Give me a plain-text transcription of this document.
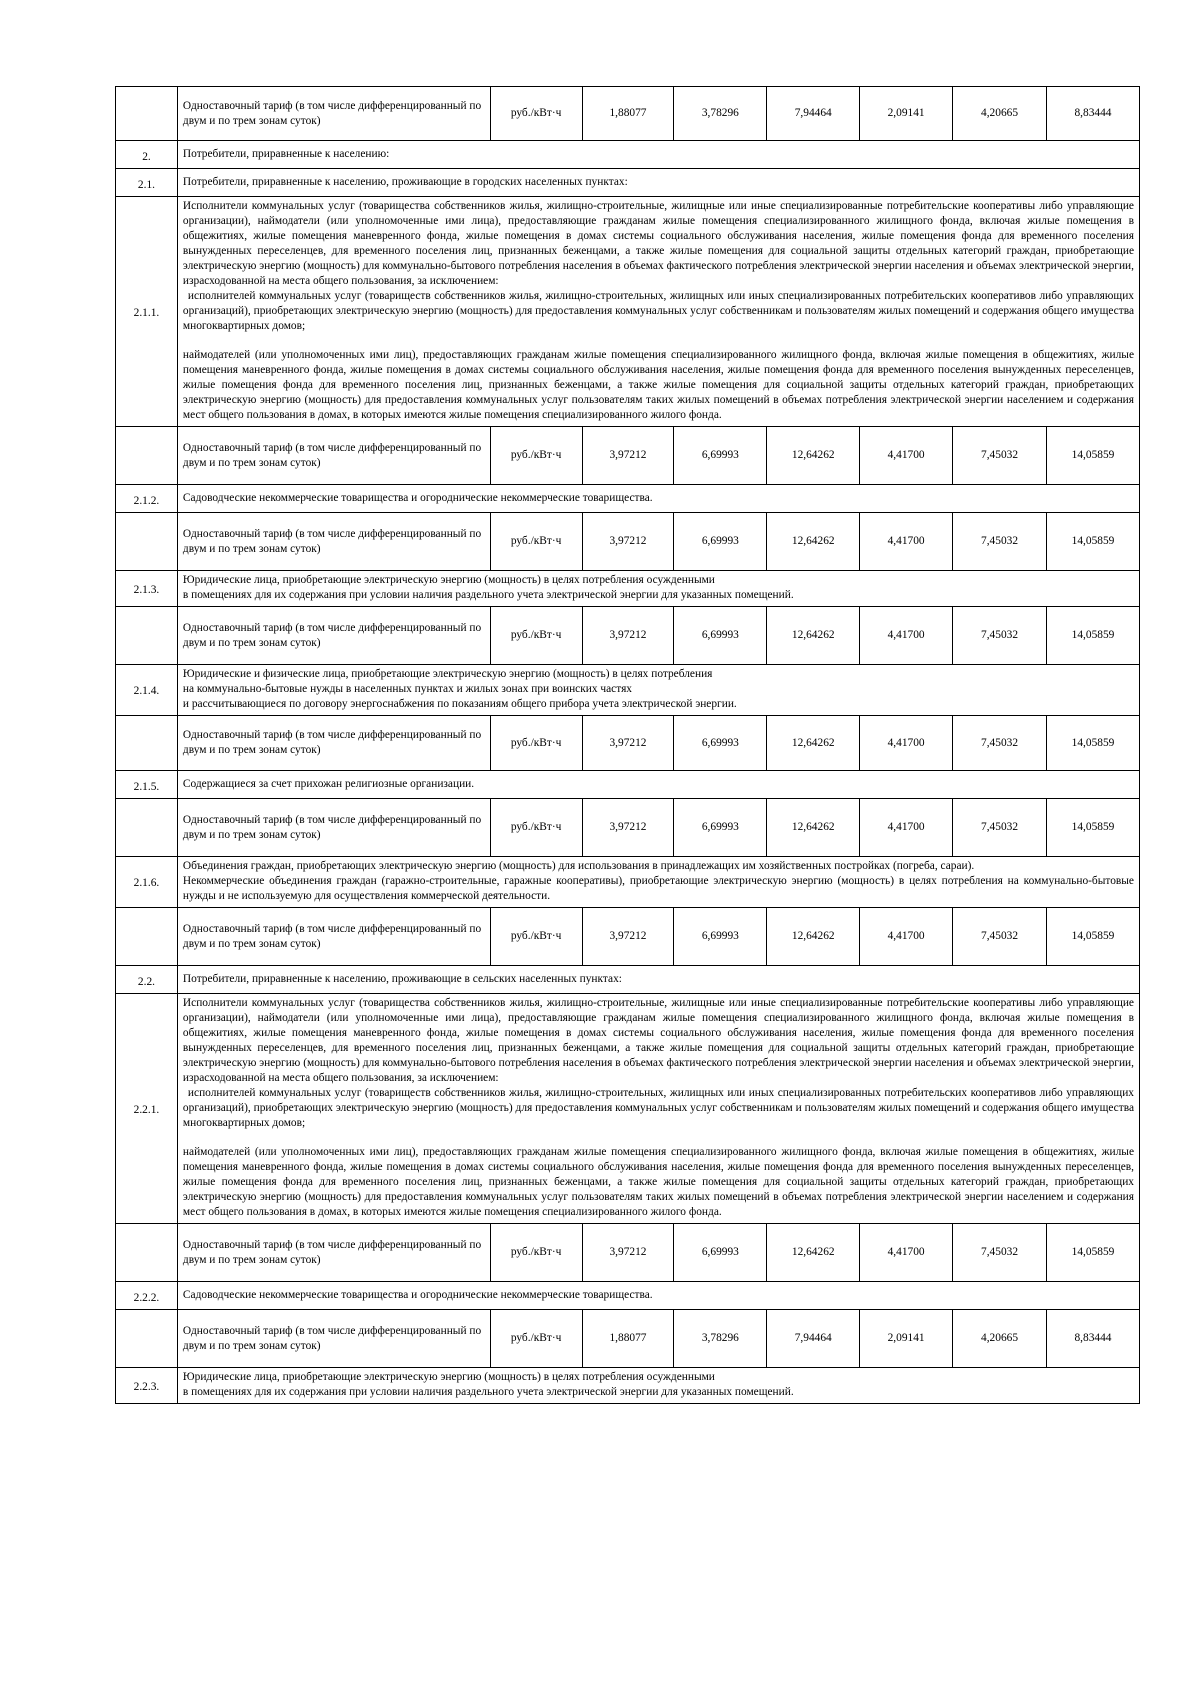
	Одноставочный тариф (в том числе дифференцированный по двум и по трем зонам суток)	руб./кВт·ч	1,88077	3,78296	7,94464	2,09141	4,20665	8,83444

2.	Потребители, приравненные к населению:							

2.1.	Потребители, приравненные к населению, проживающие в городских населенных пунктах:							

2.1.1.	Исполнители коммунальных услуг (товарищества собственников жилья, жилищно-строительные, жилищные или иные специализированные потребительские кооперативы либо управляющие организации), наймодатели (или уполномоченные ими лица), предоставляющие гражданам жилые помещения специализированного жилищного фонда, включая жилые помещения в общежитиях, жилые помещения маневренного фонда, жилые помещения в домах системы социального обслуживания населения, жилые помещения фонда для временного поселения вынужденных переселенцев, для временного поселения лиц, признанных беженцами, а также жилые помещения для социальной защиты отдельных категорий граждан, приобретающие электрическую энергию (мощность) для коммунально-бытового потребления населения в объемах фактического потребления электрической энергии населения и объемах электрической энергии, израсходованной на места общего пользования, за исключением:
исполнителей коммунальных услуг (товариществ собственников жилья, жилищно-строительных, жилищных или иных специализированных потребительских кооперативов либо управляющих организаций), приобретающих электрическую энергию (мощность) для предоставления коммунальных услуг собственникам и пользователям жилых помещений и содержания общего имущества многоквартирных домов;
наймодателей (или уполномоченных ими лиц), предоставляющих гражданам жилые помещения специализированного жилищного фонда, включая жилые помещения в общежитиях, жилые помещения маневренного фонда, жилые помещения в домах системы социального обслуживания населения, жилые помещения фонда для временного поселения вынужденных переселенцев, жилые помещения фонда для временного поселения лиц, признанных беженцами, а также жилые помещения для социальной защиты отдельных категорий граждан, приобретающих электрическую энергию (мощность) для предоставления коммунальных услуг пользователям таких жилых помещений в объемах потребления электрической энергии населением и содержания мест общего пользования в домах, в которых имеются жилые помещения специализированного жилого фонда.							

	Одноставочный тариф (в том числе дифференцированный по двум и по трем зонам суток)	руб./кВт·ч	3,97212	6,69993	12,64262	4,41700	7,45032	14,05859

2.1.2.	Садоводческие некоммерческие товарищества и огороднические некоммерческие товарищества.							

	Одноставочный тариф (в том числе дифференцированный по двум и по трем зонам суток)	руб./кВт·ч	3,97212	6,69993	12,64262	4,41700	7,45032	14,05859

2.1.3.	Юридические лица, приобретающие электрическую энергию (мощность) в целях потребления осужденными
в помещениях для их содержания при условии наличия раздельного учета электрической энергии для указанных помещений.							

	Одноставочный тариф (в том числе дифференцированный по двум и по трем зонам суток)	руб./кВт·ч	3,97212	6,69993	12,64262	4,41700	7,45032	14,05859

2.1.4.	Юридические и физические лица, приобретающие электрическую энергию (мощность) в целях потребления
на коммунально-бытовые нужды в населенных пунктах и жилых зонах при воинских частях
и рассчитывающиеся по договору энергоснабжения по показаниям общего прибора учета электрической энергии.							

	Одноставочный тариф (в том числе дифференцированный по двум и по трем зонам суток)	руб./кВт·ч	3,97212	6,69993	12,64262	4,41700	7,45032	14,05859

2.1.5.	Содержащиеся за счет прихожан религиозные организации.							

	Одноставочный тариф (в том числе дифференцированный по двум и по трем зонам суток)	руб./кВт·ч	3,97212	6,69993	12,64262	4,41700	7,45032	14,05859

2.1.6.	Объединения граждан, приобретающих электрическую энергию (мощность) для использования в принадлежащих им хозяйственных постройках (погреба, сараи).
Некоммерческие объединения граждан (гаражно-строительные, гаражные кооперативы), приобретающие электрическую энергию (мощность) в целях потребления на коммунально-бытовые нужды и не используемую для осуществления коммерческой деятельности.							

	Одноставочный тариф (в том числе дифференцированный по двум и по трем зонам суток)	руб./кВт·ч	3,97212	6,69993	12,64262	4,41700	7,45032	14,05859

2.2.	Потребители, приравненные к населению, проживающие в сельских населенных пунктах:							

2.2.1.	Исполнители коммунальных услуг (товарищества собственников жилья, жилищно-строительные, жилищные или иные специализированные потребительские кооперативы либо управляющие организации), наймодатели (или уполномоченные ими лица), предоставляющие гражданам жилые помещения специализированного жилищного фонда, включая жилые помещения в общежитиях, жилые помещения маневренного фонда, жилые помещения в домах системы социального обслуживания населения, жилые помещения фонда для временного поселения вынужденных переселенцев, для временного поселения лиц, признанных беженцами, а также жилые помещения для социальной защиты отдельных категорий граждан, приобретающие электрическую энергию (мощность) для коммунально-бытового потребления населения в объемах фактического потребления электрической энергии населения и объемах электрической энергии, израсходованной на места общего пользования, за исключением:
исполнителей коммунальных услуг (товариществ собственников жилья, жилищно-строительных, жилищных или иных специализированных потребительских кооперативов либо управляющих организаций), приобретающих электрическую энергию (мощность) для предоставления коммунальных услуг собственникам и пользователям жилых помещений и содержания общего имущества многоквартирных домов;
наймодателей (или уполномоченных ими лиц), предоставляющих гражданам жилые помещения специализированного жилищного фонда, включая жилые помещения в общежитиях, жилые помещения маневренного фонда, жилые помещения в домах системы социального обслуживания населения, жилые помещения фонда для временного поселения вынужденных переселенцев, жилые помещения фонда для временного поселения лиц, признанных беженцами, а также жилые помещения для социальной защиты отдельных категорий граждан, приобретающих электрическую энергию (мощность) для предоставления коммунальных услуг пользователям таких жилых помещений в объемах потребления электрической энергии населением и содержания мест общего пользования в домах, в которых имеются жилые помещения специализированного жилого фонда.							

	Одноставочный тариф (в том числе дифференцированный по двум и по трем зонам суток)	руб./кВт·ч	3,97212	6,69993	12,64262	4,41700	7,45032	14,05859

2.2.2.	Садоводческие некоммерческие товарищества и огороднические некоммерческие товарищества.							

	Одноставочный тариф (в том числе дифференцированный по двум и по трем зонам суток)	руб./кВт·ч	1,88077	3,78296	7,94464	2,09141	4,20665	8,83444

2.2.3.	Юридические лица, приобретающие электрическую энергию (мощность) в целях потребления осужденными
в помещениях для их содержания при условии наличия раздельного учета электрической энергии для указанных помещений.							
